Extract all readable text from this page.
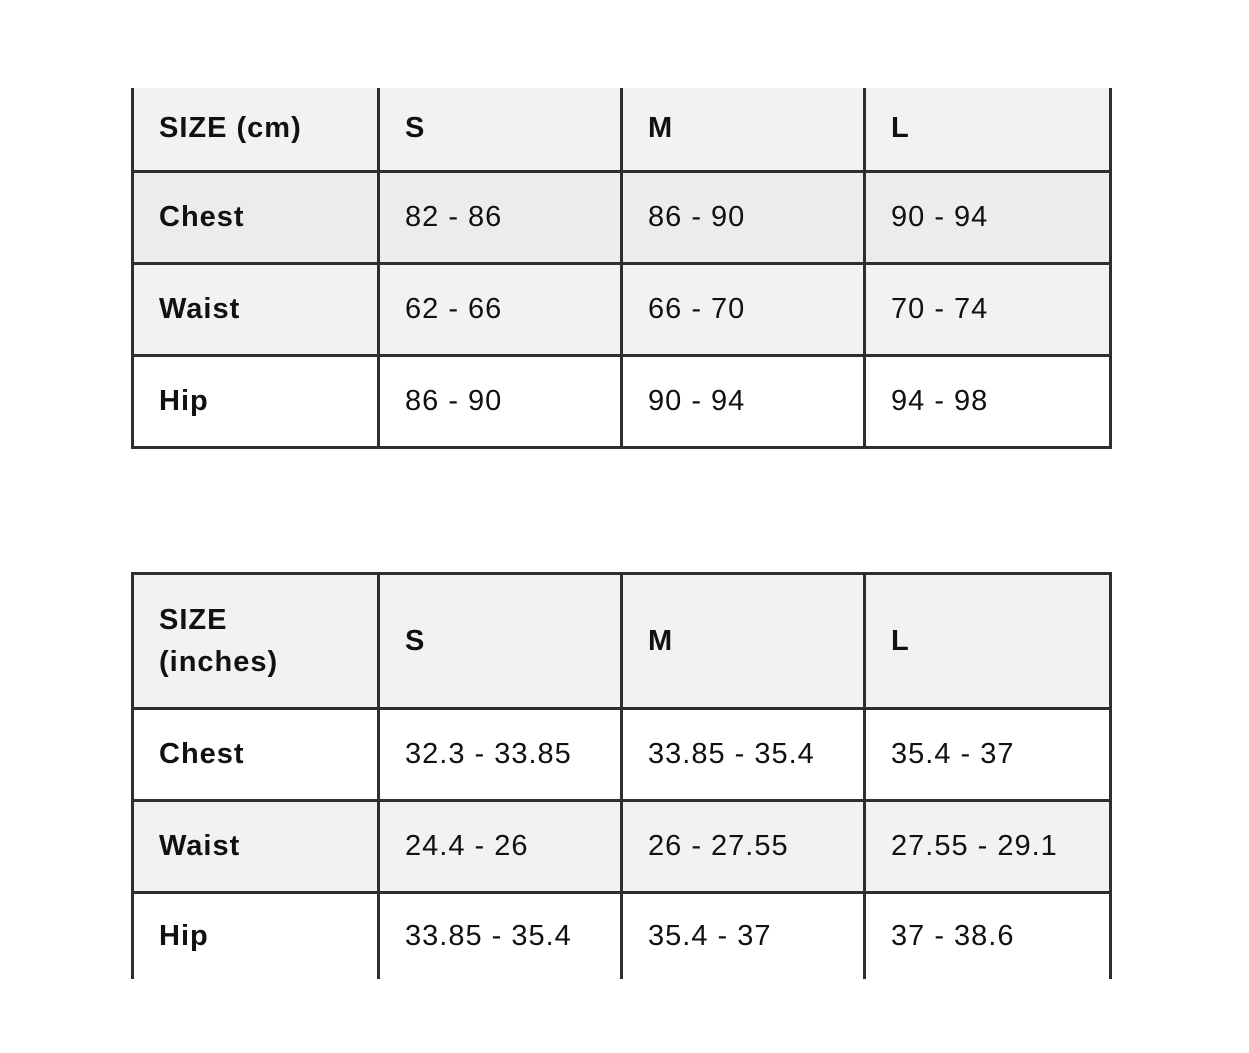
SIZE (cm)	S	M	L
Chest	82 - 86	86 - 90	90 - 94
Waist	62 - 66	66 - 70	70 - 74
Hip	86 - 90	90 - 94	94 - 98
SIZE
(inches)	S	M	L
Chest	32.3 - 33.85	33.85 - 35.4	35.4 - 37
Waist	24.4 - 26	26 - 27.55	27.55 - 29.1
Hip	33.85 - 35.4	35.4 - 37	37 - 38.6
